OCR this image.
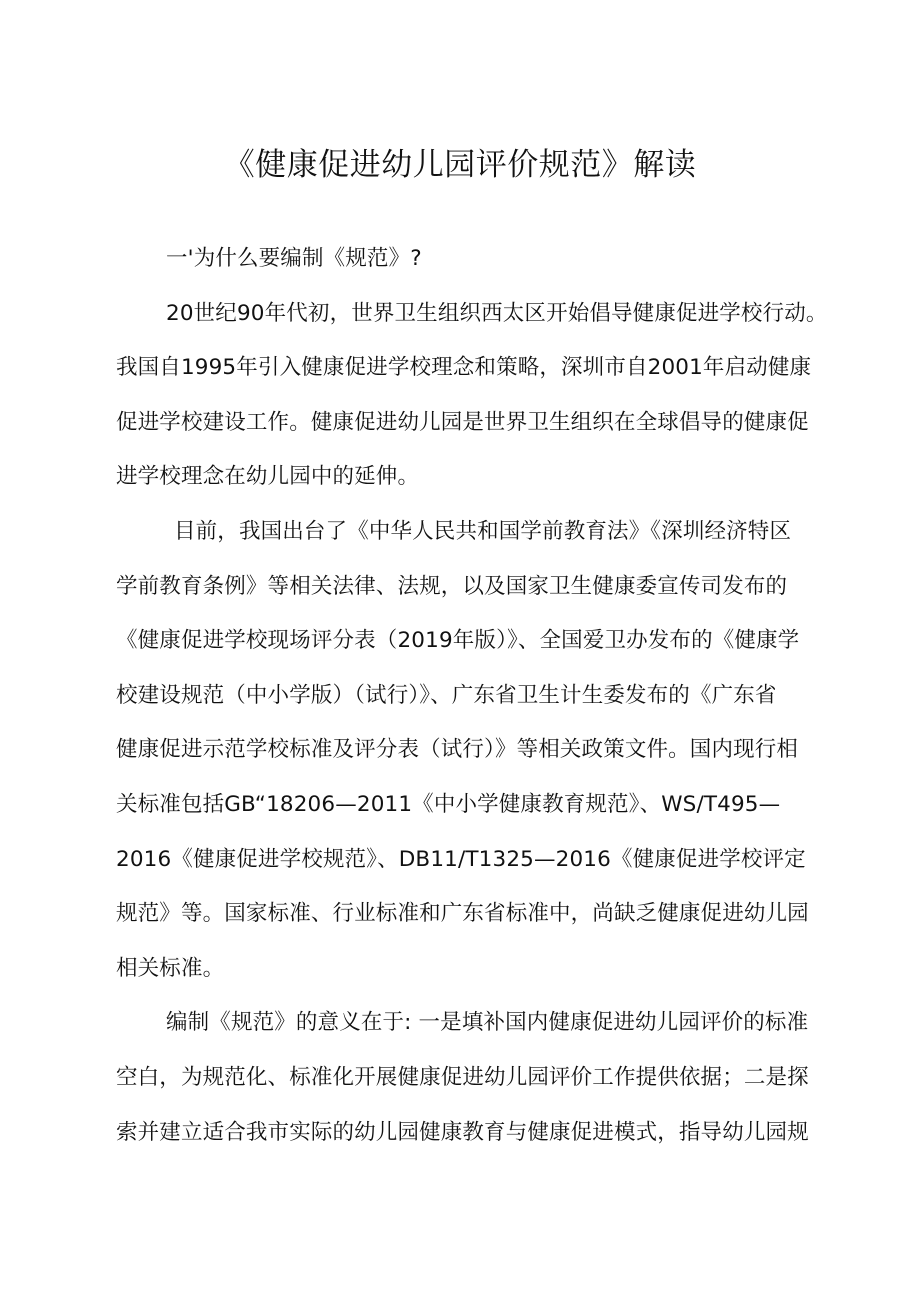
《健康促进幼儿园评价规范》解读
一'为什么要编制《规范》?
20世纪90年代初，世界卫生组织西太区开始倡导健康促进学校行动。
我国自1995年引入健康促进学校理念和策略，深圳市自2001年启动健康
促进学校建设工作。健康促进幼儿园是世界卫生组织在全球倡导的健康促
进学校理念在幼儿园中的延伸。
目前，我国出台了《中华人民共和国学前教育法》《深圳经济特区
学前教育条例》等相关法律、法规，以及国家卫生健康委宣传司发布的
《健康促进学校现场评分表（2019年版）》、全国爱卫办发布的《健康学
校建设规范（中小学版）（试行）》、广东省卫生计生委发布的《广东省
健康促进示范学校标准及评分表（试行）》等相关政策文件。国内现行相
关标准包括GB“18206—2011《中小学健康教育规范》、WS/T495—
2016《健康促进学校规范》、DB11/T1325—2016《健康促进学校评定
规范》等。国家标准、行业标准和广东省标准中，尚缺乏健康促进幼儿园
相关标准。
编制《规范》的意义在于: 一是填补国内健康促进幼儿园评价的标准
空白，为规范化、标准化开展健康促进幼儿园评价工作提供依据；二是探
索并建立适合我市实际的幼儿园健康教育与健康促进模式，指导幼儿园规
